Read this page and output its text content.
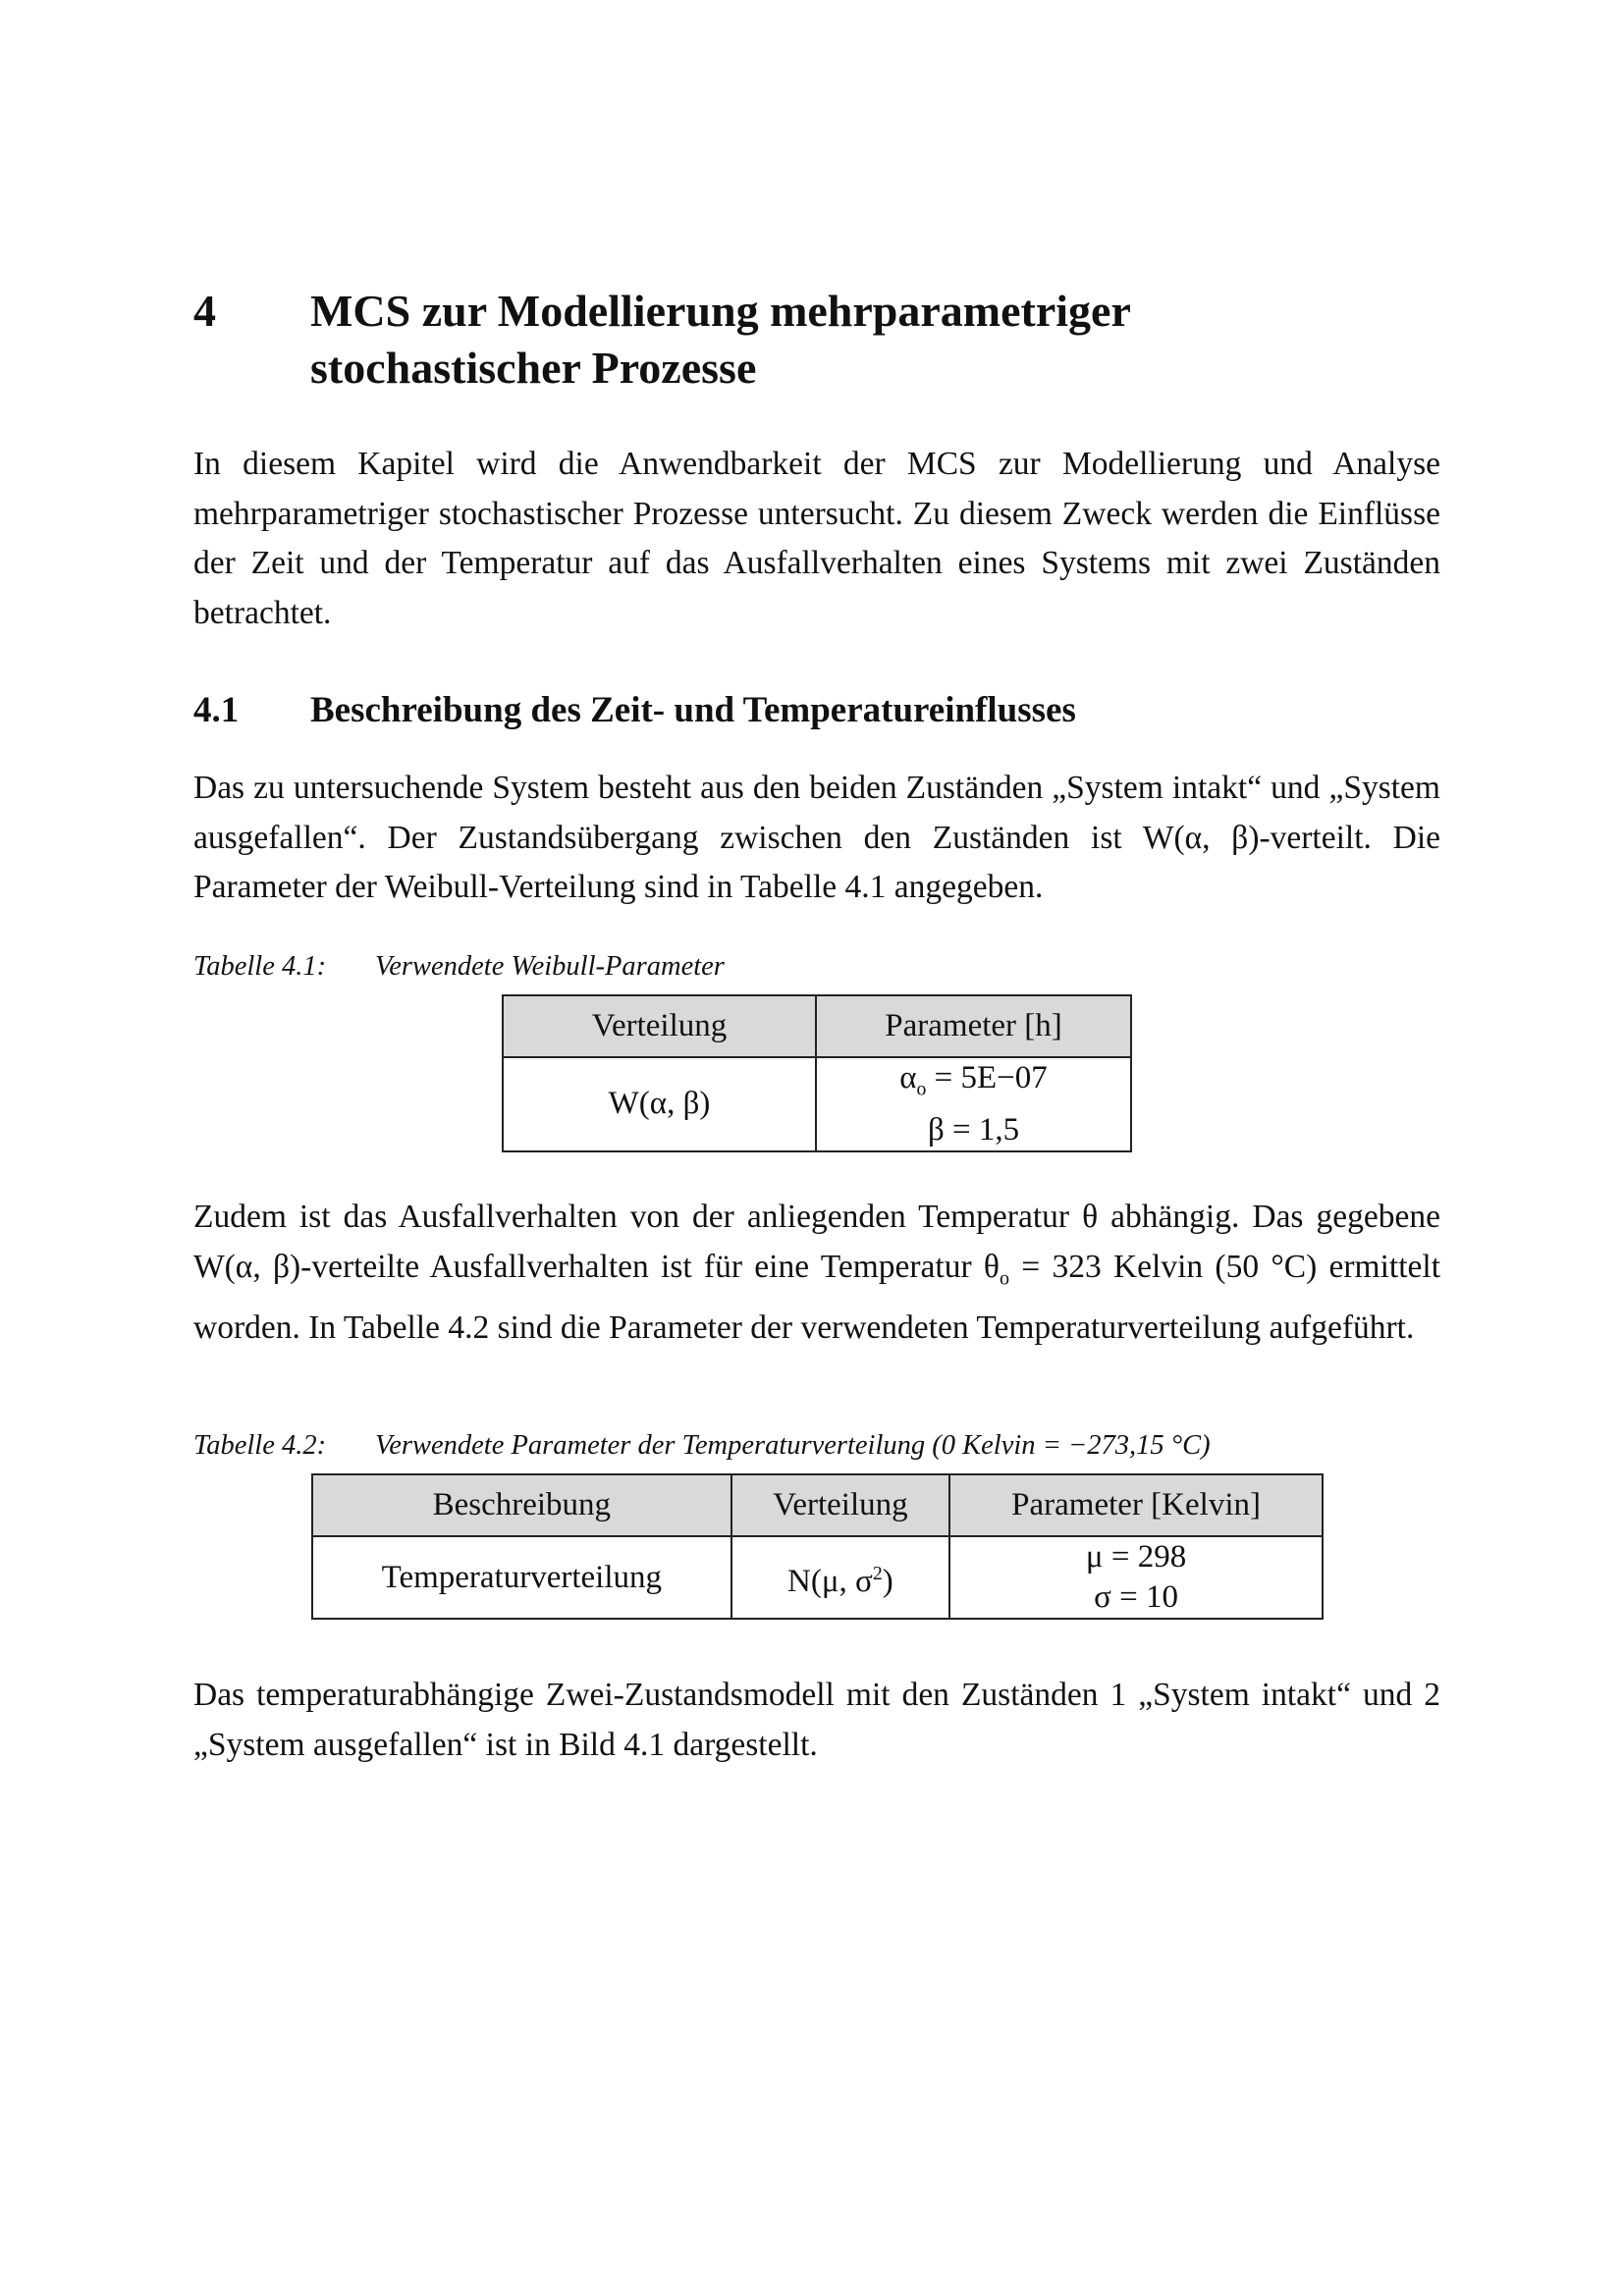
4 MCS zur Modellierung mehrparametriger stochastischer Prozesse

In diesem Kapitel wird die Anwendbarkeit der MCS zur Modellierung und Analyse mehrparametriger stochastischer Prozesse untersucht. Zu diesem Zweck werden die Einflüsse der Zeit und der Temperatur auf das Ausfallverhalten eines Systems mit zwei Zuständen betrachtet.

4.1 Beschreibung des Zeit- und Temperatureinflusses

Das zu untersuchende System besteht aus den beiden Zuständen „System intakt“ und „System ausgefallen“. Der Zustandsübergang zwischen den Zuständen ist W(α, β)-verteilt. Die Parameter der Weibull-Verteilung sind in Tabelle 4.1 angegeben.

Tabelle 4.1: Verwendete Weibull-Parameter
Verteilung	Parameter [h]
W(α, β)	$\alpha_o = 5E-07$
β = 1,5

Zudem ist das Ausfallverhalten von der anliegenden Temperatur θ abhängig. Das gegebene W(α, β)-verteilte Ausfallverhalten ist für eine Temperatur $\theta_o = 323$ Kelvin (50 °C) ermittelt worden. In Tabelle 4.2 sind die Parameter der verwendeten Temperaturverteilung aufgeführt.

Tabelle 4.2: Verwendete Parameter der Temperaturverteilung (0 Kelvin = −273,15 °C)
Beschreibung	Verteilung	Parameter [Kelvin]
Temperaturverteilung	N(μ, $\sigma^2$)	μ = 298
σ = 10

Das temperaturabhängige Zwei-Zustandsmodell mit den Zuständen 1 „System intakt“ und 2 „System ausgefallen“ ist in Bild 4.1 dargestellt.
